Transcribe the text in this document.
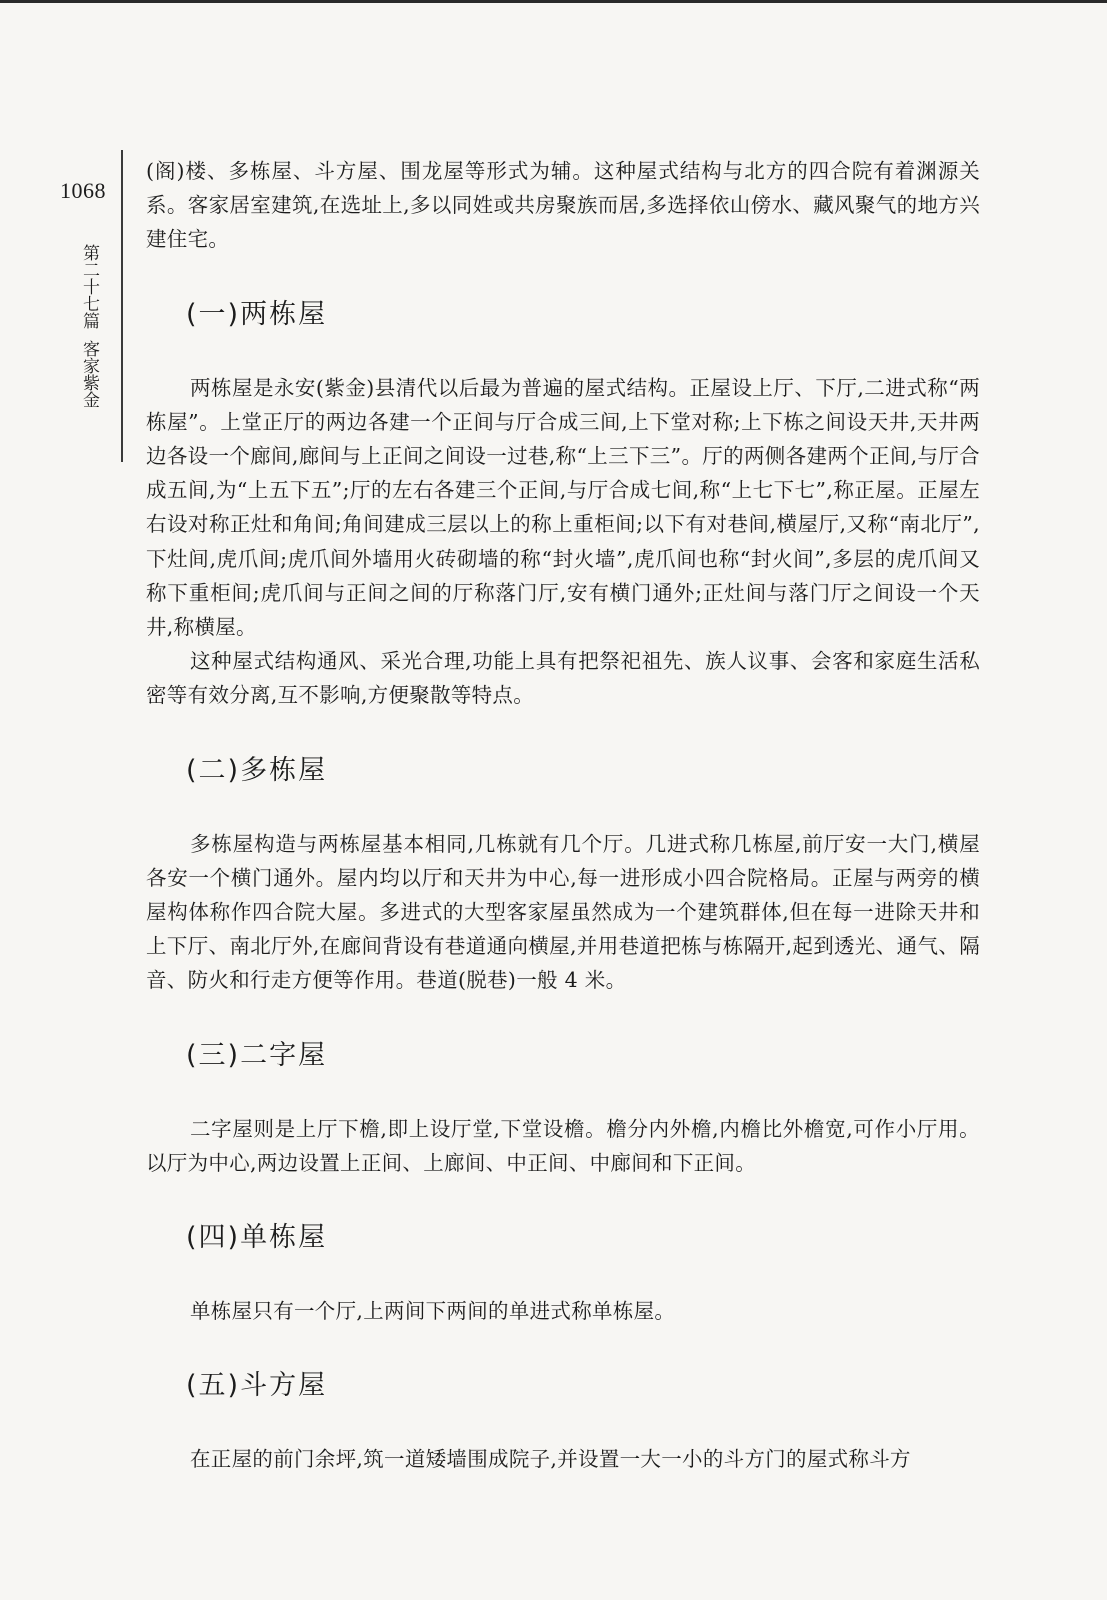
1068
第二十七篇  客家紫金

(阁)楼、多栋屋、斗方屋、围龙屋等形式为辅。这种屋式结构与北方的四合院有着渊源关系。客家居室建筑,在选址上,多以同姓或共房聚族而居,多选择依山傍水、藏风聚气的地方兴建住宅。

(一)两栋屋

两栋屋是永安(紫金)县清代以后最为普遍的屋式结构。正屋设上厅、下厅,二进式称“两栋屋”。上堂正厅的两边各建一个正间与厅合成三间,上下堂对称;上下栋之间设天井,天井两边各设一个廊间,廊间与上正间之间设一过巷,称“上三下三”。厅的两侧各建两个正间,与厅合成五间,为“上五下五”;厅的左右各建三个正间,与厅合成七间,称“上七下七”,称正屋。正屋左右设对称正灶和角间;角间建成三层以上的称上重柜间;以下有对巷间,横屋厅,又称“南北厅”,下灶间,虎爪间;虎爪间外墙用火砖砌墙的称“封火墙”,虎爪间也称“封火间”,多层的虎爪间又称下重柜间;虎爪间与正间之间的厅称落门厅,安有横门通外;正灶间与落门厅之间设一个天井,称横屋。

这种屋式结构通风、采光合理,功能上具有把祭祀祖先、族人议事、会客和家庭生活私密等有效分离,互不影响,方便聚散等特点。

(二)多栋屋

多栋屋构造与两栋屋基本相同,几栋就有几个厅。几进式称几栋屋,前厅安一大门,横屋各安一个横门通外。屋内均以厅和天井为中心,每一进形成小四合院格局。正屋与两旁的横屋构体称作四合院大屋。多进式的大型客家屋虽然成为一个建筑群体,但在每一进除天井和上下厅、南北厅外,在廊间背设有巷道通向横屋,并用巷道把栋与栋隔开,起到透光、通气、隔音、防火和行走方便等作用。巷道(脱巷)一般 4 米。

(三)二字屋

二字屋则是上厅下檐,即上设厅堂,下堂设檐。檐分内外檐,内檐比外檐宽,可作小厅用。以厅为中心,两边设置上正间、上廊间、中正间、中廊间和下正间。

(四)单栋屋

单栋屋只有一个厅,上两间下两间的单进式称单栋屋。

(五)斗方屋

在正屋的前门余坪,筑一道矮墙围成院子,并设置一大一小的斗方门的屋式称斗方
